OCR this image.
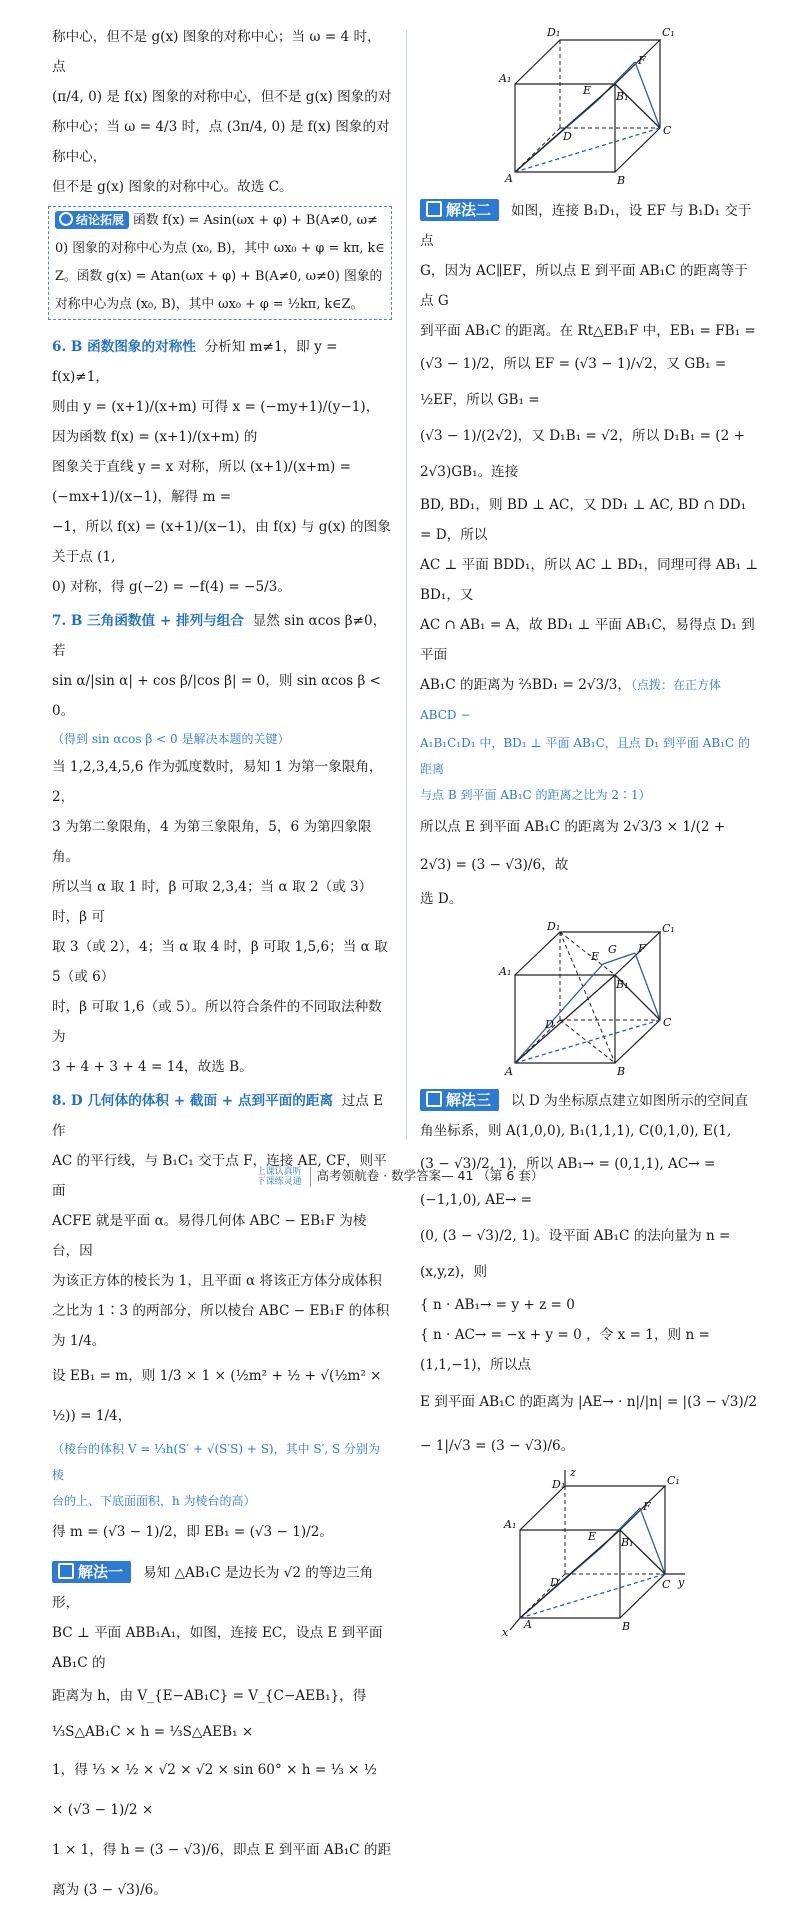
称中心，但不是 g(x) 图象的对称中心；当 ω = 4 时，点

(π/4, 0) 是 f(x) 图象的对称中心，但不是 g(x) 图象的对

称中心；当 ω = 4/3 时，点 (3π/4, 0) 是 f(x) 图象的对称中心，

但不是 g(x) 图象的对称中心。故选 C。

结论拓展 函数 f(x) = Asin(ωx + φ) + B(A≠0, ω≠

0) 图象的对称中心为点 (x₀, B)，其中 ωx₀ + φ = kπ, k∈

Z。函数 g(x) = Atan(ωx + φ) + B(A≠0, ω≠0) 图象的

对称中心为点 (x₀, B)，其中 ωx₀ + φ = ½kπ, k∈Z。

6. B 函数图象的对称性 分析知 m≠1，即 y = f(x)≠1，

则由 y = (x+1)/(x+m) 可得 x = (−my+1)/(y−1)，因为函数 f(x) = (x+1)/(x+m) 的

图象关于直线 y = x 对称，所以 (x+1)/(x+m) = (−mx+1)/(x−1)，解得 m =

−1，所以 f(x) = (x+1)/(x−1)，由 f(x) 与 g(x) 的图象关于点 (1,

0) 对称，得 g(−2) = −f(4) = −5/3。

7. B 三角函数值 + 排列与组合 显然 sin αcos β≠0，若

sin α/|sin α| + cos β/|cos β| = 0，则 sin αcos β < 0。

（得到 sin αcos β < 0 是解决本题的关键）

当 1,2,3,4,5,6 作为弧度数时，易知 1 为第一象限角，2，

3 为第二象限角，4 为第三象限角，5，6 为第四象限角。

所以当 α 取 1 时，β 可取 2,3,4；当 α 取 2（或 3）时，β 可

取 3（或 2），4；当 α 取 4 时，β 可取 1,5,6；当 α 取 5（或 6）

时，β 可取 1,6（或 5）。所以符合条件的不同取法种数为

3 + 4 + 3 + 4 = 14，故选 B。

8. D 几何体的体积 + 截面 + 点到平面的距离 过点 E 作

AC 的平行线，与 B₁C₁ 交于点 F，连接 AE, CF，则平面

ACFE 就是平面 α。易得几何体 ABC − EB₁F 为棱台，因

为该正方体的棱长为 1，且平面 α 将该正方体分成体积

之比为 1∶3 的两部分，所以棱台 ABC − EB₁F 的体积为 1/4。

设 EB₁ = m，则 1/3 × 1 × (½m² + ½ + √(½m² × ½)) = 1/4，

（棱台的体积 V = ⅓h(S′ + √(S′S) + S)，其中 S′, S 分别为棱

台的上、下底面面积，h 为棱台的高）

得 m = (√3 − 1)/2，即 EB₁ = (√3 − 1)/2。

解法一 易知 △AB₁C 是边长为 √2 的等边三角形，

BC ⊥ 平面 ABB₁A₁，如图，连接 EC，设点 E 到平面 AB₁C 的

距离为 h，由 V_{E−AB₁C} = V_{C−AEB₁}，得 ⅓S△AB₁C × h = ⅓S△AEB₁ ×

1，得 ⅓ × ½ × √2 × √2 × sin 60° × h = ⅓ × ½ × (√3 − 1)/2 ×

1 × 1，得 h = (3 − √3)/6，即点 E 到平面 AB₁C 的距离为 (3 − √3)/6。

D₁	C₁
A₁
E
F
B₁
D	C
A	B

解法二 如图，连接 B₁D₁，设 EF 与 B₁D₁ 交于点

G，因为 AC∥EF，所以点 E 到平面 AB₁C 的距离等于点 G

到平面 AB₁C 的距离。在 Rt△EB₁F 中，EB₁ = FB₁ =

(√3 − 1)/2，所以 EF = (√3 − 1)/√2，又 GB₁ = ½EF，所以 GB₁ =

(√3 − 1)/(2√2)，又 D₁B₁ = √2，所以 D₁B₁ = (2 + 2√3)GB₁。连接

BD, BD₁，则 BD ⊥ AC，又 DD₁ ⊥ AC, BD ∩ DD₁ = D，所以

AC ⊥ 平面 BDD₁，所以 AC ⊥ BD₁，同理可得 AB₁ ⊥ BD₁，又

AC ∩ AB₁ = A，故 BD₁ ⊥ 平面 AB₁C，易得点 D₁ 到平面

AB₁C 的距离为 ⅔BD₁ = 2√3/3，（点拨：在正方体 ABCD −

A₁B₁C₁D₁ 中，BD₁ ⊥ 平面 AB₁C，且点 D₁ 到平面 AB₁C 的距离

与点 B 到平面 AB₁C 的距离之比为 2∶1）

所以点 E 到平面 AB₁C 的距离为 2√3/3 × 1/(2 + 2√3) = (3 − √3)/6，故

选 D。

D₁	C₁
A₁
E
G F
B₁
D	C
A	B

解法三 以 D 为坐标原点建立如图所示的空间直

角坐标系，则 A(1,0,0), B₁(1,1,1), C(0,1,0), E(1,

(3 − √3)/2, 1)，所以 AB₁→ = (0,1,1), AC→ = (−1,1,0), AE→ =

(0, (3 − √3)/2, 1)。设平面 AB₁C 的法向量为 n = (x,y,z)，则

{ n · AB₁→ = y + z = 0

{ n · AC→ = −x + y = 0 ，令 x = 1，则 n = (1,1,−1)，所以点

E 到平面 AB₁C 的距离为 |AE→ · n|/|n| = |(3 − √3)/2 − 1|/√3 = (3 − √3)/6。

z
D₁	C₁
A₁
E
F
B₁
D	C y
A
x	B
上课认真听
下课练灵通 高考领航卷 · 数学答案— 41 （第 6 套）
